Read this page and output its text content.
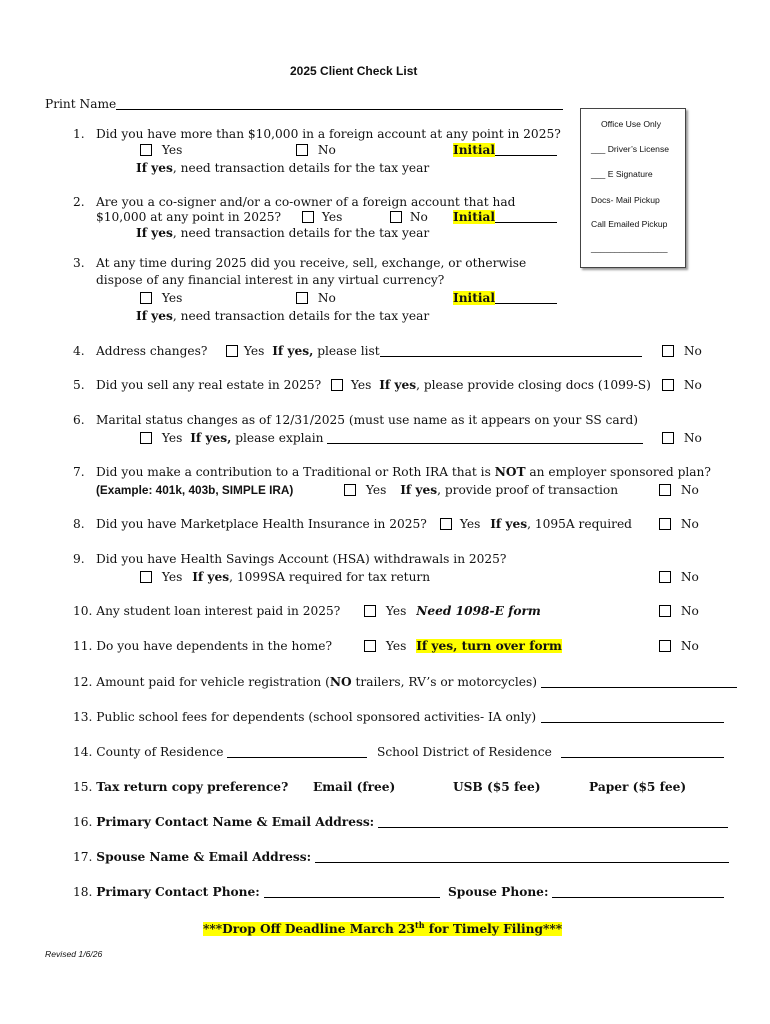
2025 Client Check List
Print Name
Office Use Only
___ Driver’s License
___ E Signature
Docs- Mail Pickup
Call Emailed Pickup
________________
1. Did you have more than $10,000 in a foreign account at any point in 2025?
Yes	No	Initial
If yes, need transaction details for the tax year
2. Are you a co-signer and/or a co-owner of a foreign account that had
$10,000 at any point in 2025?	Yes	No Initial
If yes, need transaction details for the tax year
3. At any time during 2025 did you receive, sell, exchange, or otherwise
dispose of any financial interest in any virtual currency?
Yes	No	Initial
If yes, need transaction details for the tax year
4. Address changes?	Yes If yes, please list	No
5. Did you sell any real estate in 2025?	Yes If yes, please provide closing docs (1099-S)	No
6. Marital status changes as of 12/31/2025 (must use name as it appears on your SS card)
Yes If yes, please explain	No
7. Did you make a contribution to a Traditional or Roth IRA that is NOT an employer sponsored plan?
(Example: 401k, 403b, SIMPLE IRA)	Yes If yes, provide proof of transaction	No
8. Did you have Marketplace Health Insurance in 2025?	Yes If yes, 1095A required	No
9. Did you have Health Savings Account (HSA) withdrawals in 2025?
Yes If yes, 1099SA required for tax return	No
10. Any student loan interest paid in 2025?	Yes Need 1098-E form	No
11. Do you have dependents in the home?	Yes If yes, turn over form	No
12. Amount paid for vehicle registration (NO trailers, RV’s or motorcycles)
13. Public school fees for dependents (school sponsored activities- IA only)
14. County of Residence	School District of Residence
15. Tax return copy preference? Email (free)	USB ($5 fee)	Paper ($5 fee)
16. Primary Contact Name & Email Address:
17. Spouse Name & Email Address:
18. Primary Contact Phone:	Spouse Phone:
***Drop Off Deadline March 23th for Timely Filing***
Revised 1/6/26
